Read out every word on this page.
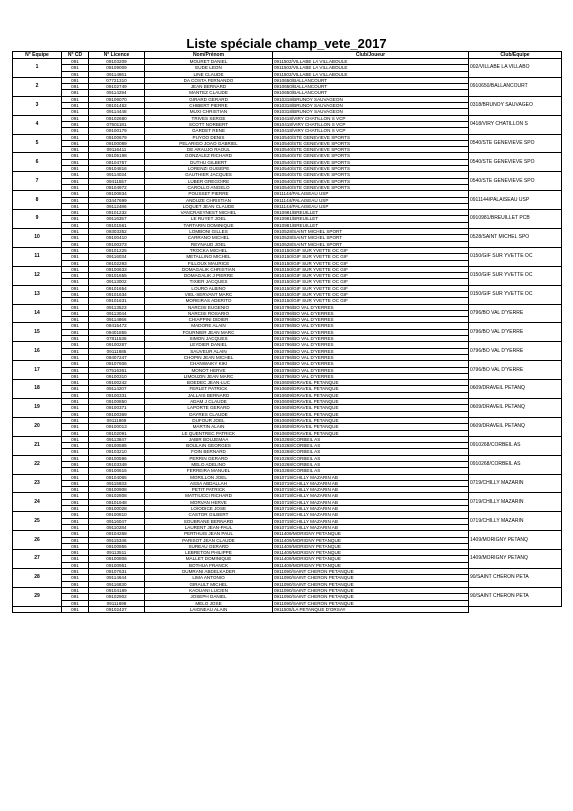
Liste spéciale champ_vete_2017
N° Equipe	N° CD	N° Licence	Nom/Prénom	Club/Joueur	Club/Equipe
1	091	09103209	MOURET DANIEL	0911502/VILLABE LA VILLABOULE	002/VILLABE LA VILLABO
	091	09109009	EUDE LEON	0911502/VILLABE LA VILLABOULE	
	091	09114861	LINE CLAUDE	0911502/VILLABE LA VILLABOULE	
2	091	07721310	DA COSTA FERNANDO	0910650/BALLANCOURT	0910650/BALLANCOURT
	091	09102749	JEAN BERNARD	0910650/BALLANCOURT	
	091	09114294	MANTEZ CLAUDE	0910650/BALLANCOURT	
3	091	09106070	GIRARD GERARD	0910318/BRUNOY SAUVAGEON	0318/BRUNOY SAUVAGEO
	091	09101462	CHIBERT PIERRE	0910318/BRUNOY SAUVAGEON	
	091	09114448	MUXI CHRISTIAN	0910318/BRUNOY SAUVAGEON	
4	091	09102680	TRIVES SERGE	0910418/VIRY CHATILLON S VCP	0418/VIRY CHATILLON S
	091	07501181	SCOTT NORBERT	0910418/VIRY CHATILLON S VCP	
	091	09100179	GARDET RENE	0910418/VIRY CHATILLON S VCP	
5	091	09100679	PUYOO DENIS	0910540/STE GENEVIEVE SPORTS	0540/STE GENEVIEVE SPO
	091	09100089	PELARIGO JOAO GABRIEL	0910540/STE GENEVIEVE SPORTS	
	091	09116411	DE ARAUJO RAOUL	0910540/STE GENEVIEVE SPORTS	
6	091	09105198	GONZALEZ RICHARD	0910540/STE GENEVIEVE SPORTS	0540/STE GENEVIEVE SPO
	091	09104767	DUTHU GILBERT	0910540/STE GENEVIEVE SPORTS	
	091	09104816	LORENZI GUISEPE	0910540/STE GENEVIEVE SPORTS	
7	091	09114034	GAUTHIER JACQUES	0910540/STE GENEVIEVE SPORTS	0540/STE GENEVIEVE SPO
	091	09411557	LUBER GREGOIRE	0910540/STE GENEVIEVE SPORTS	
	091	09104972	CAROLLO ANGELO	0910540/STE GENEVIEVE SPORTS	
8	091	09100834	POUSSET PIERRE	0911144/PALAISEAU USP	0911144/PALAISEAU USP
	091	03447699	ANDUZE CHRISTIAN	0911144/PALAISEAU USP	
	091	09112486	LOQUET JEAN CLAUDE	0911144/PALAISEAU USP	
9	091	09101232	VANCRAEYNEST MICHEL	0910981/BREUILLET	0910981/BREUILLET PCB
	091	09116357	LE RUYET JOEL	0910981/BREUILLET	
	091	09101561	TARTARIN DOMINIQUE	0910981/BREUILLET	
10	091	09303352	LOMBONI GILLES	0910528/SAINT MICHEL SPORT	0528/SAINT MICHEL SPO
	091	09100410	CARRANO MICHEL	0910528/SAINT MICHEL SPORT	
	091	09100373	REYNAUD JOEL	0910528/SAINT MICHEL SPORT	
11	091	09101225	TROCKA MICHEL	0910150/GIF SUR YVETTE OC GIF	0150/GIF SUR YVETTE OC
	091	09116034	METALLINO MICHEL	0910150/GIF SUR YVETTE OC GIF	
	091	09102293	FILLOUX MAURICE	0910150/GIF SUR YVETTE OC GIF	
12	091	09100633	DOMAGALIK CHRISTIAN	0910150/GIF SUR YVETTE OC GIF	0150/GIF SUR YVETTE OC
	091	09101655	DOMAGALIK J PIERRE	0910150/GIF SUR YVETTE OC GIF	
	091	09113002	TIXIER JACQUES	0910150/GIF SUR YVETTE OC GIF	
13	091	09101654	LOURO ALBINO	0910150/GIF SUR YVETTE OC GIF	0150/GIF SUR YVETTE OC
	091	09101634	VIEL-SERVANT MARC	0910150/GIF SUR YVETTE OC GIF	
	091	09101631	MOREIRAS ADERITO	0910150/GIF SUR YVETTE OC GIF	
14	091	09113523	NARCISI EUGENIO	0910796/BO VAL D'YERRES	0796/BO VAL D'YERRE
	091	09113044	NARCISI ROSARIO	0910796/BO VAL D'YERRES	
	091	09114866	CHIAPPINI DIDIER	0910796/BO VAL D'YERRES	
15	091	09415472	MADORE ALAIN	0910796/BO VAL D'YERRES	0796/BO VAL D'YERRE
	091	09401855	FOURNIER JEAN MARC	0910796/BO VAL D'YERRES	
	091	07811536	SIMON JACQUES	0910796/BO VAL D'YERRES	
16	091	09100287	LEYDIER DANIEL	0910796/BO VAL D'YERRES	0796/BO VAL D'YERRE
	091	09111685	SAUVEUR ALAIN	0910796/BO VAL D'YERRES	
	091	09407247	CHOPIN JEAN MICHEL	0910796/BO VAL D'YERRES	
17	091	09107606	CHANWAIKY KIKI	0910796/BO VAL D'YERRES	0796/BO VAL D'YERRE
	091	07516361	MONOT HERVE	0910796/BO VAL D'YERRES	
	091	09100310	LIMOUZIN JEAN MARC	0910796/BO VAL D'YERRES	
18	091	09100242	BOEDEC JEAN-LUC	0910609/DRAVEIL PETANQUE	0609/DRAVEIL PETANQ
	091	09114207	FERLET PATRICK	0910609/DRAVEIL PETANQUE	
	091	09100331	JALLAIS BERNARD	0910609/DRAVEIL PETANQUE	
19	091	09100850	ADAM J CLAUDE	0910609/DRAVEIL PETANQUE	0609/DRAVEIL PETANQ
	091	09100371	LAPORTE GERARD	0910609/DRAVEIL PETANQUE	
	091	09100369	DAYRES CLAUDE	0910609/DRAVEIL PETANQUE	
20	091	09111869	DUFOUR JOEL	0910609/DRAVEIL PETANQUE	0609/DRAVEIL PETANQ
	091	09100013	MARTIN ALAIN	0910609/DRAVEIL PETANQUE	
	091	09102091	LE QUENTREC PATRICK	0910609/DRAVEIL PETANQUE	
21	091	09113847	JABIR BOUJEMAA	0910268/CORBEIL AS	0910268/CORBEIL AS
	091	09100595	BOULAIN GEORGES	0910268/CORBEIL AS	
	091	09103210	FOIN BERNARD	0910268/CORBEIL AS	
22	091	09100596	PERRIN GERARD	0910268/CORBEIL AS	0910268/CORBEIL AS
	091	09103349	MELO ADELINO	0910268/CORBEIL AS	
	091	09100616	FERREIRA MANUEL	0910268/CORBEIL AS	
23	091	09104065	MORILLON JOEL	0910719/CHILLY MAZARIN AB	0719/CHILLY MAZARIN
	091	09115933	ASSA ABDALLAH	0910719/CHILLY MAZARIN AB	
	091	09100908	PETIT PATRICK	0910719/CHILLY MAZARIN AB	
24	091	09102808	MATTIUCCI RICHARD	0910719/CHILLY MAZARIN AB	0719/CHILLY MAZARIN
	091	09101948	MORVAN HERVE	0910719/CHILLY MAZARIN AB	
	091	09100028	LOIODICE JOSE	0910719/CHILLY MAZARIN AB	
25	091	09100810	CASTOR GILBERT	0910719/CHILLY MAZARIN AB	0719/CHILLY MAZARIN
	091	09116047	SOUBRANE BERNARD	0910719/CHILLY MAZARIN AB	
	091	09110284	LAURENT JEAN-PAUL	0910719/CHILLY MAZARIN AB	
26	091	09104268	PERTHUIS JEAN PAUL	0911409/MORIGNY PETANQUE	1409/MORIGNY PETANQ
	091	09115346	PARISOT JEAN CLAUDE	0911409/MORIGNY PETANQUE	
	091	09100955	SUREAU GERARD	0911409/MORIGNY PETANQUE	
27	091	09113511	LEBRETON PHILIPPE	0911409/MORIGNY PETANQUE	1409/MORIGNY PETANQ
	091	09100806	MALLET DOMINIQUE	0911409/MORIGNY PETANQUE	
	091	09100951	BOTHUA FRANCK	0911409/MORIGNY PETANQUE	
28	091	09107631	OUMRANI ABDELKADER	0911090/SAINT CHERON PETANQUE	90/SAINT CHERON PETA
	091	09114644	LIMA ANTONIO	0911090/SAINT CHERON PETANQUE	
	091	09116830	GIRAULT MICHEL	0911090/SAINT CHERON PETANQUE	
29	091	09104189	KAOUANI LUCIEN	0911090/SAINT CHERON PETANQUE	90/SAINT CHERON PETA
	091	09102902	JOSEPH DANIEL	0911090/SAINT CHERON PETANQUE	
	091	09111699	MELO JOSE	0911090/SAINT CHERON PETANQUE	
	091	09102427	LAIGNEAU ALAIN	0911505/LA PETANQUE D'ORSAY	
